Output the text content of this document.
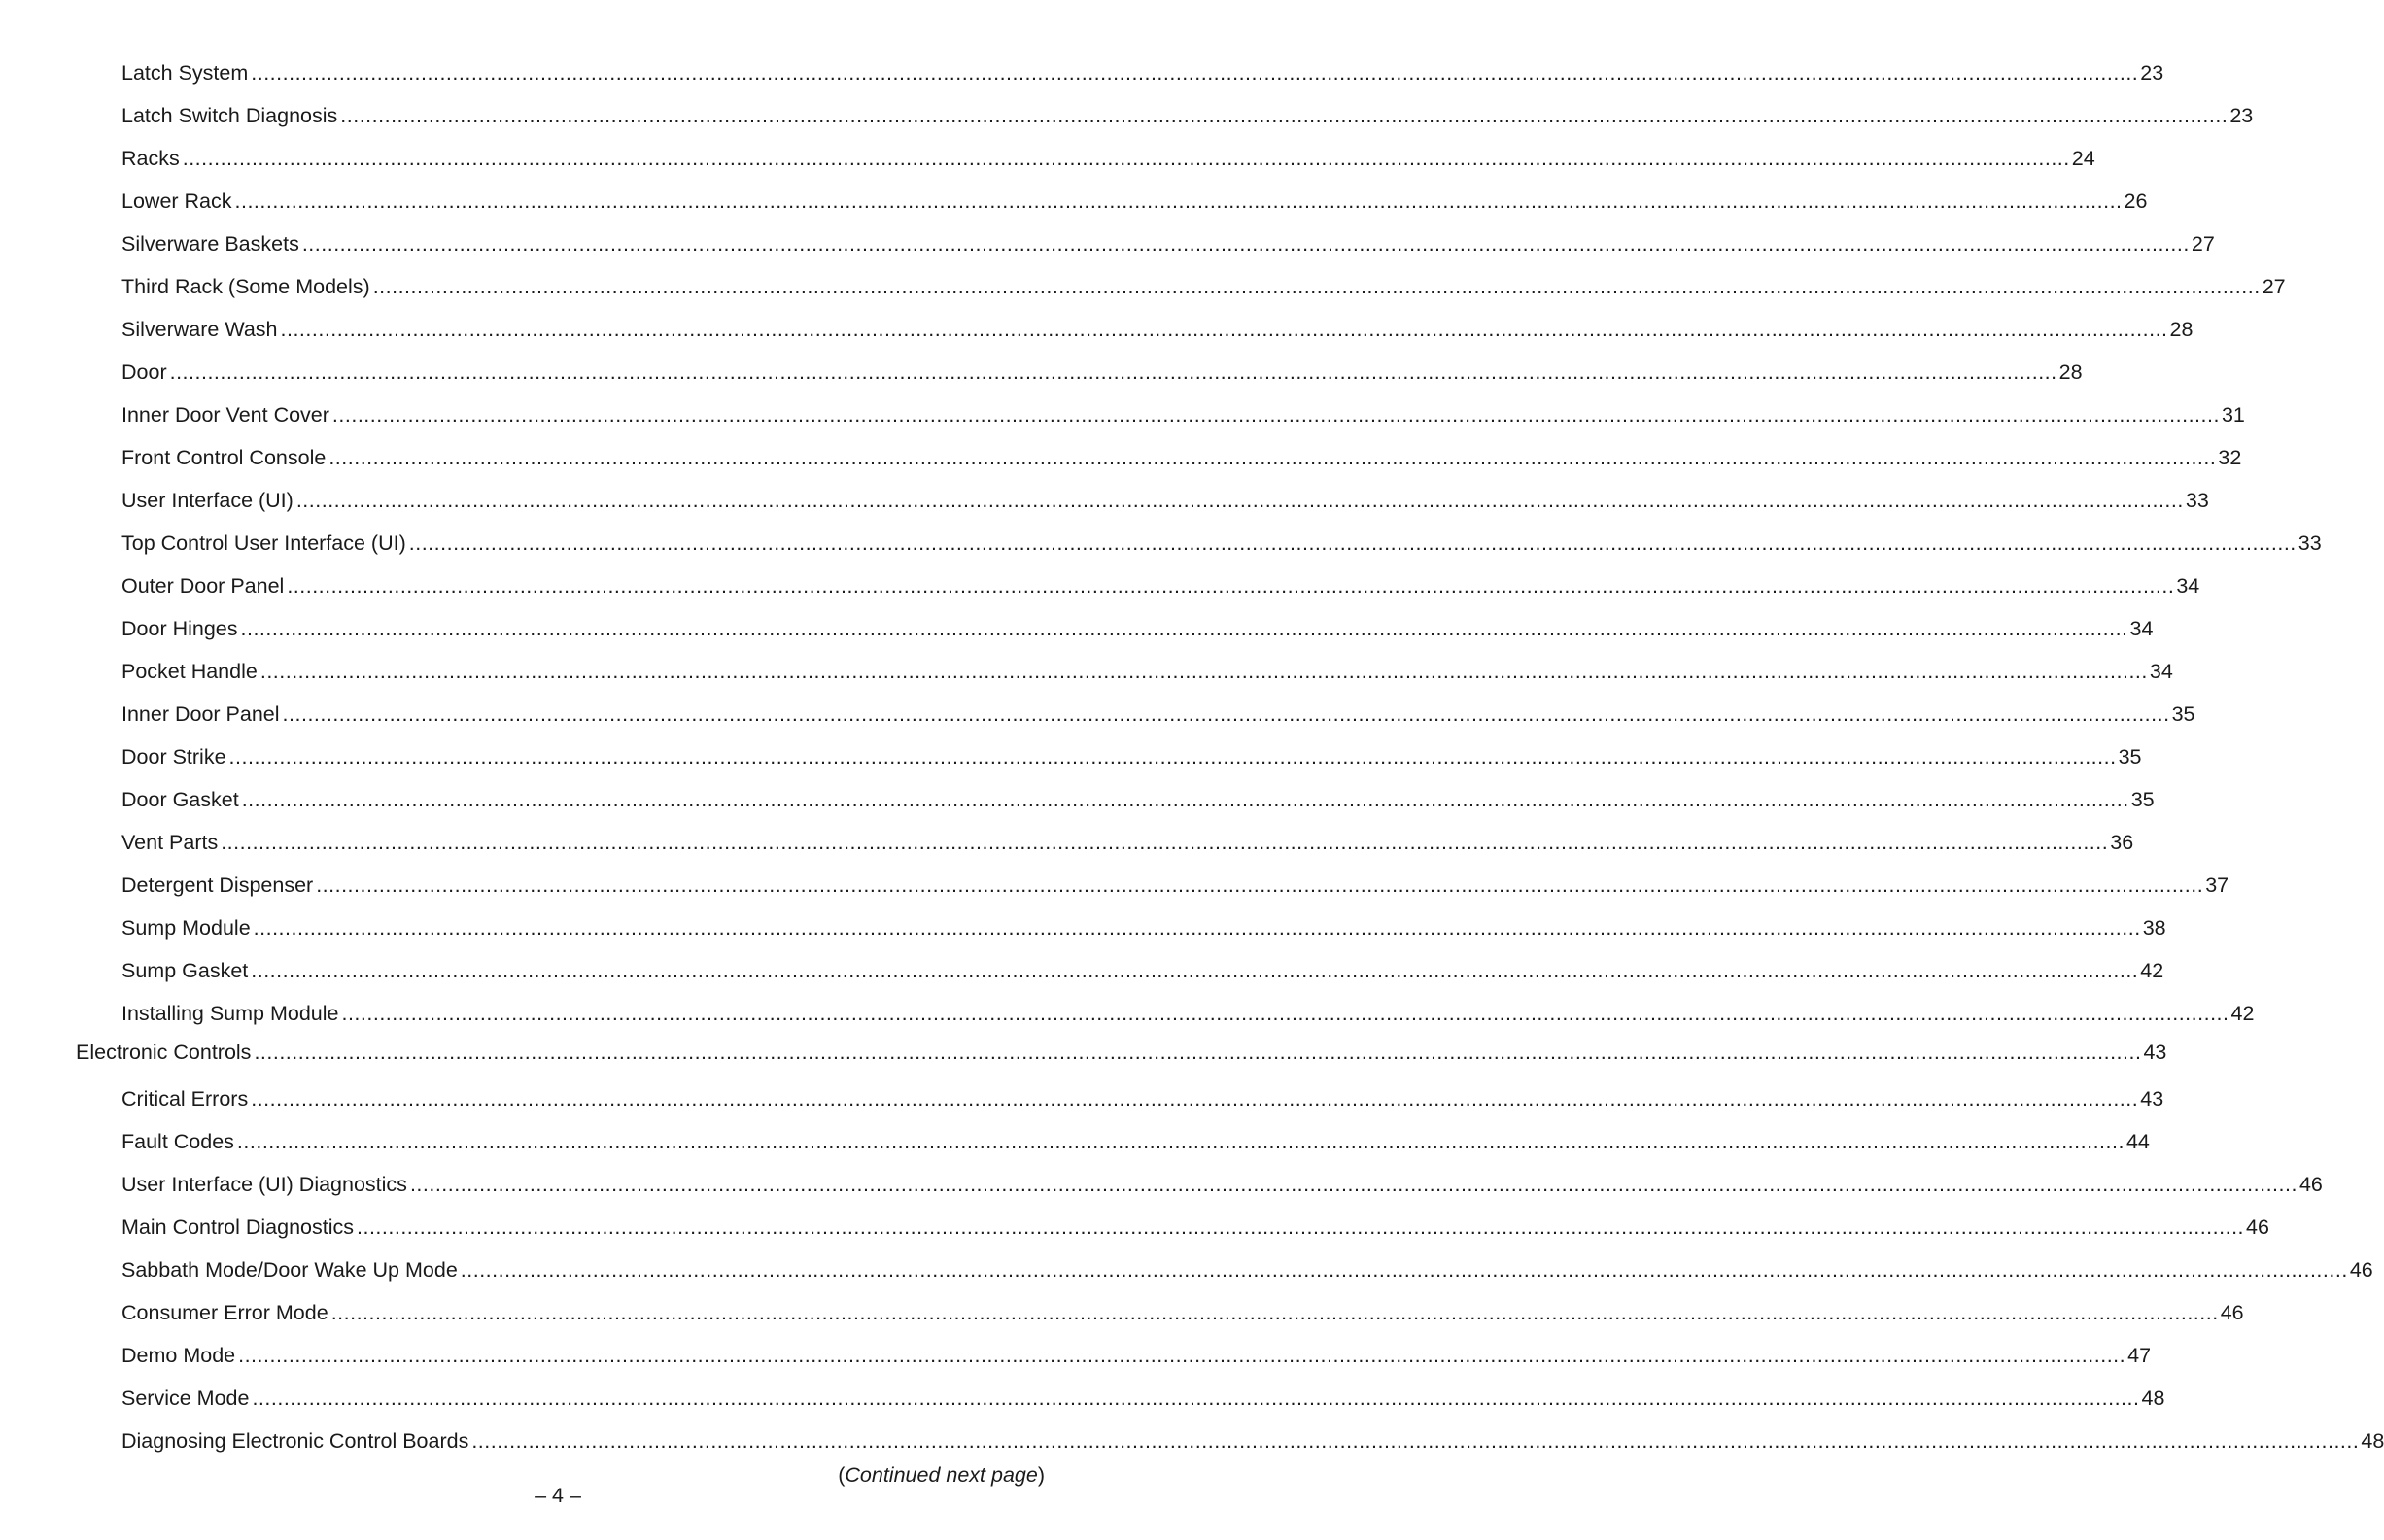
Latch System ............................................................................................................................................................................................................................................................................................................ 23
Latch Switch Diagnosis ............................................................................................................................................................................................................................................................................................................ 23
Racks ............................................................................................................................................................................................................................................................................................................ 24
Lower Rack ............................................................................................................................................................................................................................................................................................................ 26
Silverware Baskets ............................................................................................................................................................................................................................................................................................................ 27
Third Rack (Some Models) ............................................................................................................................................................................................................................................................................................................ 27
Silverware Wash ............................................................................................................................................................................................................................................................................................................ 28
Door ............................................................................................................................................................................................................................................................................................................ 28
Inner Door Vent Cover ............................................................................................................................................................................................................................................................................................................ 31
Front Control Console ............................................................................................................................................................................................................................................................................................................ 32
User Interface (UI) ............................................................................................................................................................................................................................................................................................................ 33
Top Control User Interface (UI) ............................................................................................................................................................................................................................................................................................................ 33
Outer Door Panel ............................................................................................................................................................................................................................................................................................................ 34
Door Hinges ............................................................................................................................................................................................................................................................................................................ 34
Pocket Handle ............................................................................................................................................................................................................................................................................................................ 34
Inner Door Panel ............................................................................................................................................................................................................................................................................................................ 35
Door Strike ............................................................................................................................................................................................................................................................................................................ 35
Door Gasket ............................................................................................................................................................................................................................................................................................................ 35
Vent Parts ............................................................................................................................................................................................................................................................................................................ 36
Detergent Dispenser ............................................................................................................................................................................................................................................................................................................ 37
Sump Module ............................................................................................................................................................................................................................................................................................................ 38
Sump Gasket ............................................................................................................................................................................................................................................................................................................ 42
Installing Sump Module ............................................................................................................................................................................................................................................................................................................ 42
Electronic Controls ............................................................................................................................................................................................................................................................................................................ 43
Critical Errors ............................................................................................................................................................................................................................................................................................................ 43
Fault Codes ............................................................................................................................................................................................................................................................................................................ 44
User Interface (UI) Diagnostics ............................................................................................................................................................................................................................................................................................................ 46
Main Control Diagnostics ............................................................................................................................................................................................................................................................................................................ 46
Sabbath Mode/Door Wake Up Mode ............................................................................................................................................................................................................................................................................................................ 46
Consumer Error Mode ............................................................................................................................................................................................................................................................................................................ 46
Demo Mode ............................................................................................................................................................................................................................................................................................................ 47
Service Mode ............................................................................................................................................................................................................................................................................................................ 48
Diagnosing Electronic Control Boards ............................................................................................................................................................................................................................................................................................................ 48
(Continued next page)
– 4 –
